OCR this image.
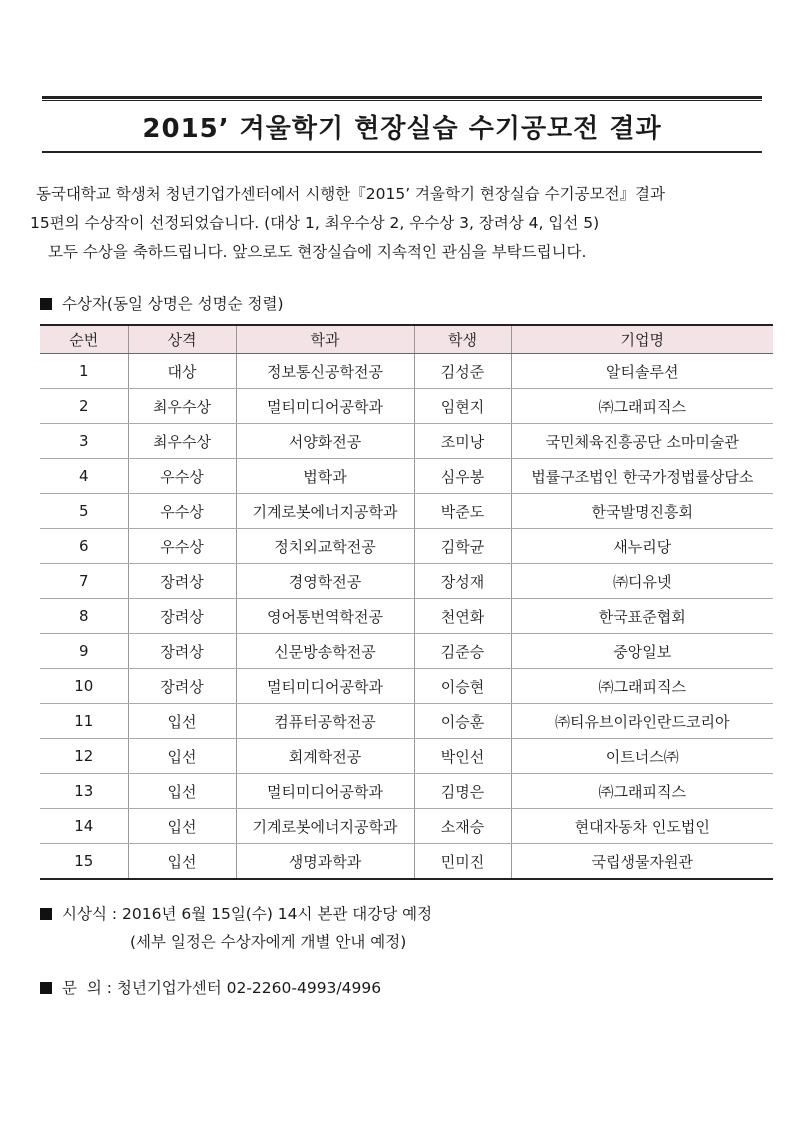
2015’ 겨울학기 현장실습 수기공모전 결과

동국대학교 학생처 청년기업가센터에서 시행한『2015’ 겨울학기 현장실습 수기공모전』결과

15편의 수상작이 선정되었습니다. (대상 1, 최우수상 2, 우수상 3, 장려상 4, 입선 5)

모두 수상을 축하드립니다. 앞으로도 현장실습에 지속적인 관심을 부탁드립니다.

수상자(동일 상명은 성명순 정렬)
순번	상격	학과	학생	기업명
1	대상	정보통신공학전공	김성준	알티솔루션
2	최우수상	멀티미디어공학과	임현지	㈜그래피직스
3	최우수상	서양화전공	조미낭	국민체육진흥공단 소마미술관
4	우수상	법학과	심우봉	법률구조법인 한국가정법률상담소
5	우수상	기계로봇에너지공학과	박준도	한국발명진흥회
6	우수상	정치외교학전공	김학균	새누리당
7	장려상	경영학전공	장성재	㈜디유넷
8	장려상	영어통번역학전공	천연화	한국표준협회
9	장려상	신문방송학전공	김준승	중앙일보
10	장려상	멀티미디어공학과	이승현	㈜그래피직스
11	입선	컴퓨터공학전공	이승훈	㈜티유브이라인란드코리아
12	입선	회계학전공	박인선	이트너스㈜
13	입선	멀티미디어공학과	김명은	㈜그래피직스
14	입선	기계로봇에너지공학과	소재승	현대자동차 인도법인
15	입선	생명과학과	민미진	국립생물자원관
시상식 : 2016년 6월 15일(수) 14시 본관 대강당 예정
(세부 일정은 수상자에게 개별 안내 예정)
문  의 : 청년기업가센터 02-2260-4993/4996
